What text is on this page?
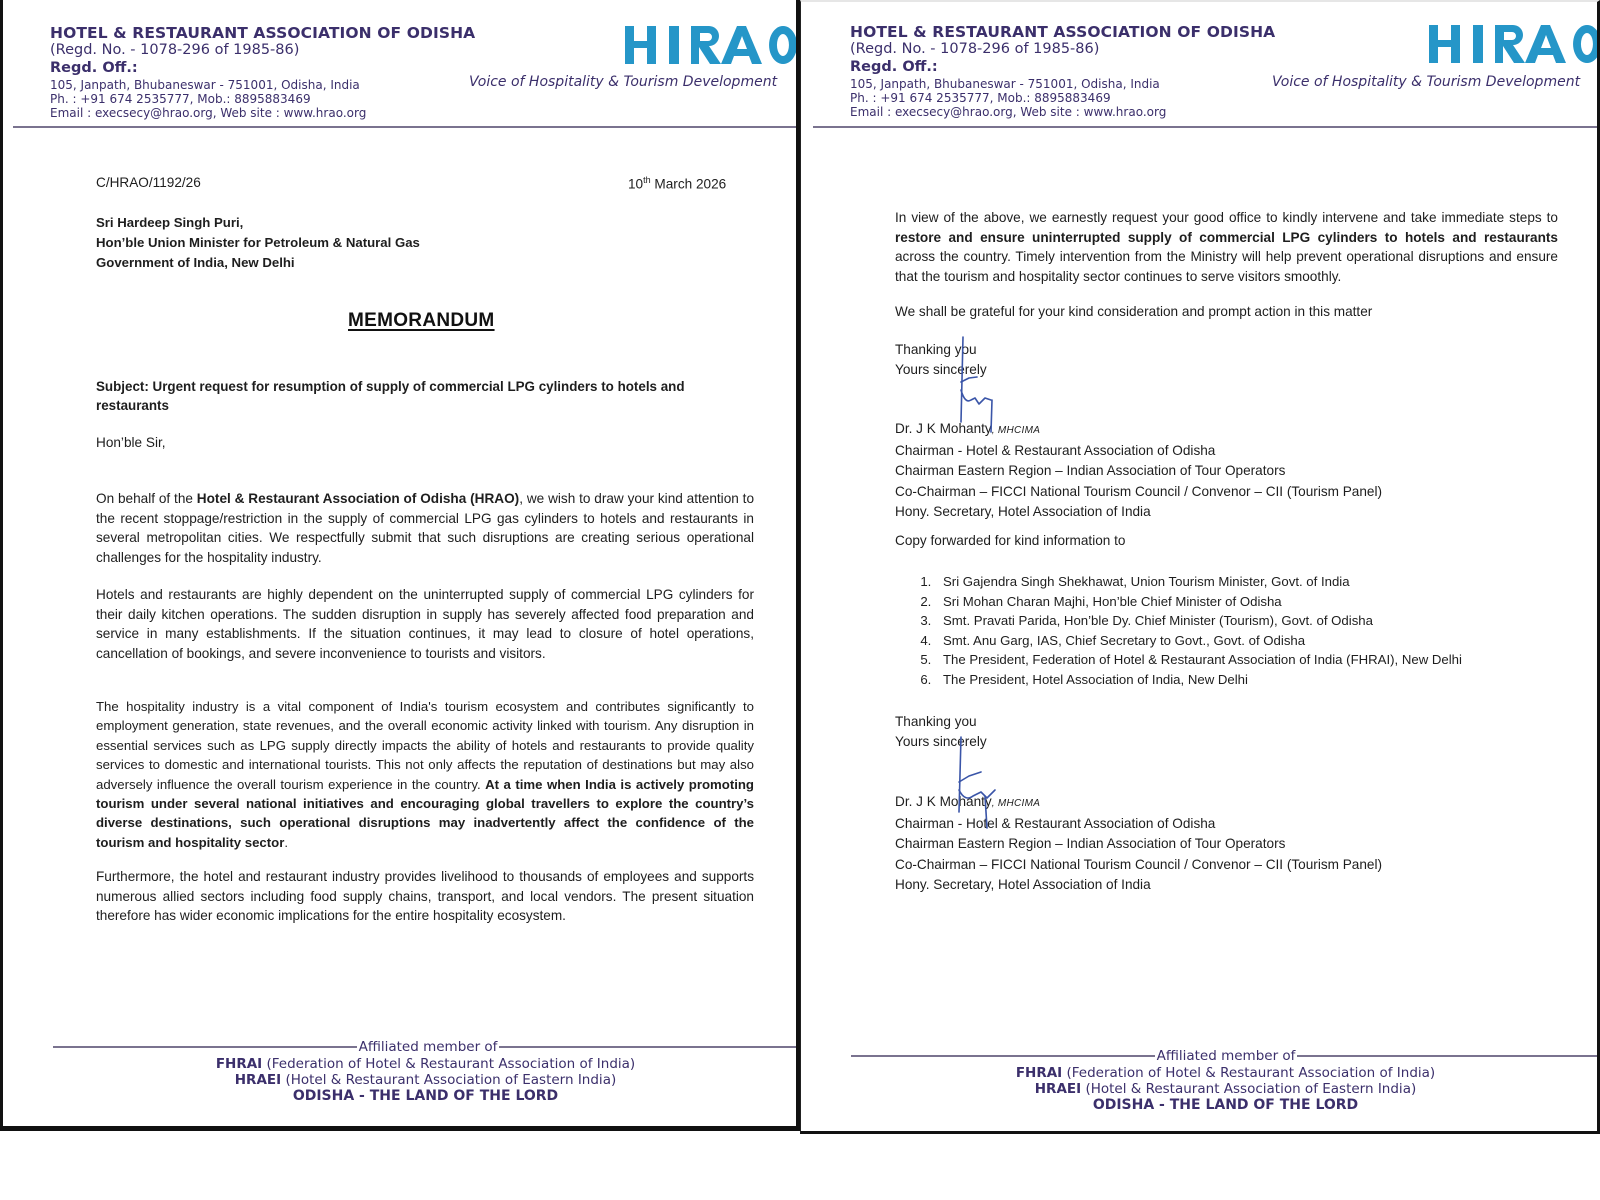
HOTEL & RESTAURANT ASSOCIATION OF ODISHA
(Regd. No. - 1078-296 of 1985-86)
Regd. Off.:
105, Janpath, Bhubaneswar - 751001, Odisha, India
Ph. : +91 674 2535777, Mob.: 8895883469
Email : execsecy@hrao.org, Web site : www.hrao.org
Voice of Hospitality & Tourism Development
C/HRAO/1192/26	10th March 2026
Sri Hardeep Singh Puri,
Hon’ble Union Minister for Petroleum & Natural Gas
Government of India, New Delhi
MEMORANDUM
Subject: Urgent request for resumption of supply of commercial LPG cylinders to hotels and restaurants
Hon’ble Sir,
On behalf of the Hotel & Restaurant Association of Odisha (HRAO), we wish to draw your kind attention to the recent stoppage/restriction in the supply of commercial LPG gas cylinders to hotels and restaurants in several metropolitan cities. We respectfully submit that such disruptions are creating serious operational challenges for the hospitality industry.
Hotels and restaurants are highly dependent on the uninterrupted supply of commercial LPG cylinders for their daily kitchen operations. The sudden disruption in supply has severely affected food preparation and service in many establishments. If the situation continues, it may lead to closure of hotel operations, cancellation of bookings, and severe inconvenience to tourists and visitors.
The hospitality industry is a vital component of India's tourism ecosystem and contributes significantly to employment generation, state revenues, and the overall economic activity linked with tourism. Any disruption in essential services such as LPG supply directly impacts the ability of hotels and restaurants to provide quality services to domestic and international tourists. This not only affects the reputation of destinations but may also adversely influence the overall tourism experience in the country. At a time when India is actively promoting tourism under several national initiatives and encouraging global travellers to explore the country’s diverse destinations, such operational disruptions may inadvertently affect the confidence of the tourism and hospitality sector.
Furthermore, the hotel and restaurant industry provides livelihood to thousands of employees and supports numerous allied sectors including food supply chains, transport, and local vendors. The present situation therefore has wider economic implications for the entire hospitality ecosystem.
Affiliated member of
FHRAI (Federation of Hotel & Restaurant Association of India)
HRAEI (Hotel & Restaurant Association of Eastern India)
ODISHA - THE LAND OF THE LORD
HOTEL & RESTAURANT ASSOCIATION OF ODISHA
(Regd. No. - 1078-296 of 1985-86)
Regd. Off.:
105, Janpath, Bhubaneswar - 751001, Odisha, India
Ph. : +91 674 2535777, Mob.: 8895883469
Email : execsecy@hrao.org, Web site : www.hrao.org
Voice of Hospitality & Tourism Development
In view of the above, we earnestly request your good office to kindly intervene and take immediate steps to restore and ensure uninterrupted supply of commercial LPG cylinders to hotels and restaurants across the country. Timely intervention from the Ministry will help prevent operational disruptions and ensure that the tourism and hospitality sector continues to serve visitors smoothly.
We shall be grateful for your kind consideration and prompt action in this matter
Thanking you
Yours sincerely
Dr. J K Mohanty, MHCIMA
Chairman - Hotel & Restaurant Association of Odisha
Chairman Eastern Region – Indian Association of Tour Operators
Co-Chairman – FICCI National Tourism Council / Convenor – CII (Tourism Panel)
Hony. Secretary, Hotel Association of India
Copy forwarded for kind information to
1. Sri Gajendra Singh Shekhawat, Union Tourism Minister, Govt. of India
2. Sri Mohan Charan Majhi, Hon’ble Chief Minister of Odisha
3. Smt. Pravati Parida, Hon’ble Dy. Chief Minister (Tourism), Govt. of Odisha
4. Smt. Anu Garg, IAS, Chief Secretary to Govt., Govt. of Odisha
5. The President, Federation of Hotel & Restaurant Association of India (FHRAI), New Delhi
6. The President, Hotel Association of India, New Delhi
Thanking you
Yours sincerely
Dr. J K Mohanty, MHCIMA
Chairman - Hotel & Restaurant Association of Odisha
Chairman Eastern Region – Indian Association of Tour Operators
Co-Chairman – FICCI National Tourism Council / Convenor – CII (Tourism Panel)
Hony. Secretary, Hotel Association of India
Affiliated member of
FHRAI (Federation of Hotel & Restaurant Association of India)
HRAEI (Hotel & Restaurant Association of Eastern India)
ODISHA - THE LAND OF THE LORD
